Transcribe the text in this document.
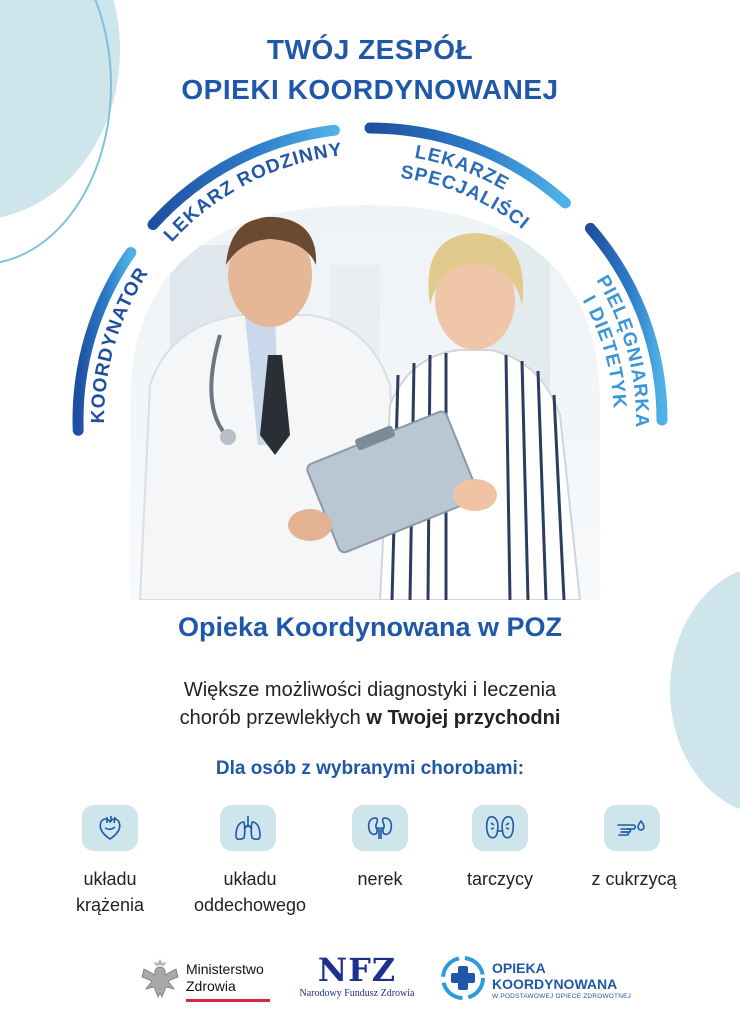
TWÓJ ZESPÓŁ
OPIEKI KOORDYNOWANEJ
KOORDYNATOR
LEKARZ RODZINNY	LEKARZE
SPECJALIŚCI
PIELĘGNIARKA
I DIETETYK
Opieka Koordynowana w POZ
Większe możliwości diagnostyki i leczenia
chorób przewlekłych w Twojej przychodni
Dla osób z wybranymi chorobami:
układu
krążenia
układu
oddechowego
nerek	tarczycy	z cukrzycą
Ministerstwo
Zdrowia	NFZ
Narodowy Fundusz Zdrowia
OPIEKA
KOORDYNOWANA
W PODSTAWOWEJ OPIECE ZDROWOTNEJ
